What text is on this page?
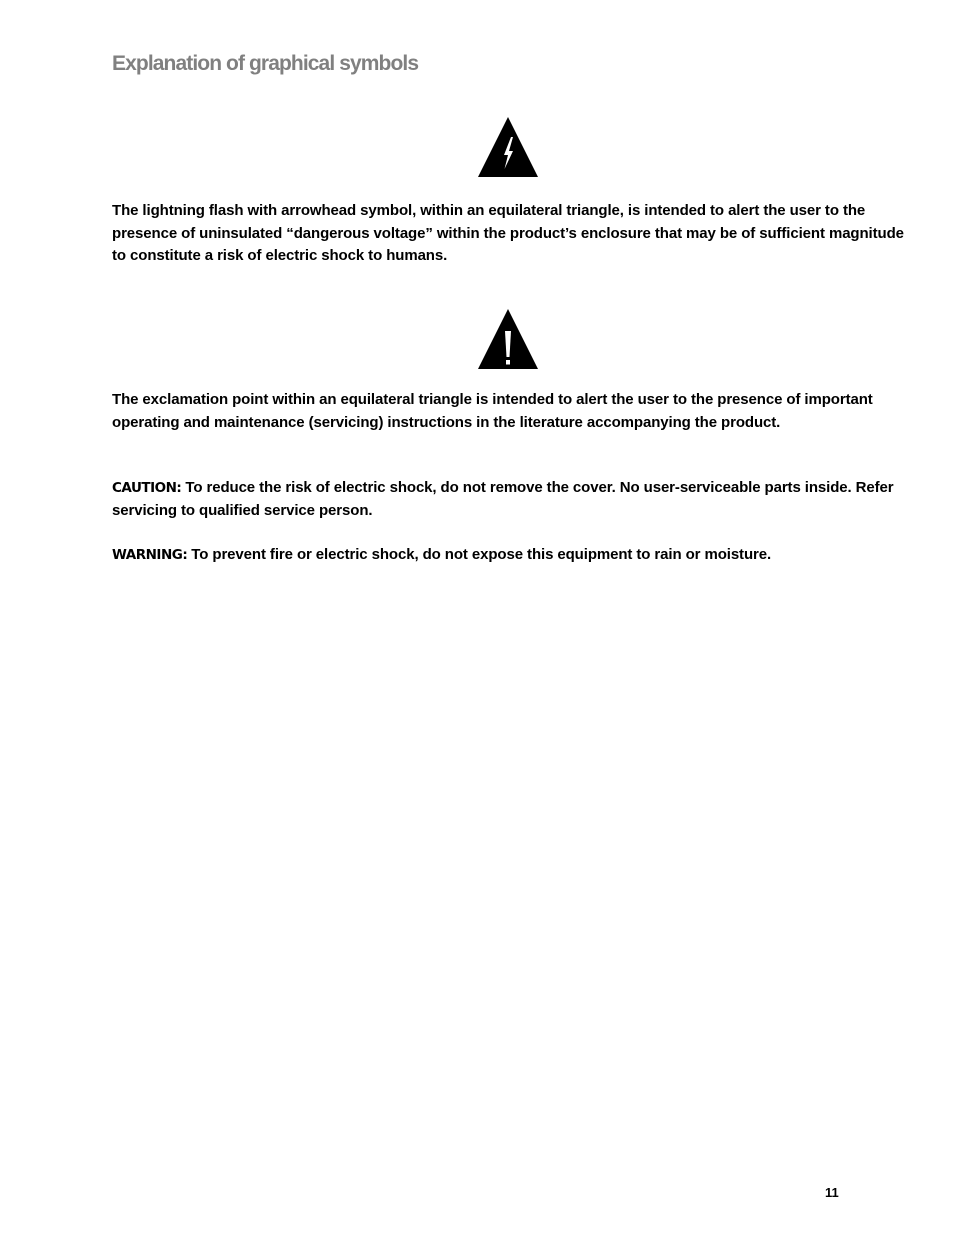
Explanation of graphical symbols

The lightning flash with arrowhead symbol, within an equilateral triangle, is intended to alert the user to the presence of uninsulated “dangerous voltage” within the product’s enclosure that may be of sufficient magnitude to constitute a risk of electric shock to humans.

The exclamation point within an equilateral triangle is intended to alert the user to the presence of important operating and maintenance (servicing) instructions in the literature accompanying the product.

CAUTION: To reduce the risk of electric shock, do not remove the cover. No user-serviceable parts inside. Refer servicing to qualified service person.

WARNING: To prevent fire or electric shock, do not expose this equipment to rain or moisture.

11
